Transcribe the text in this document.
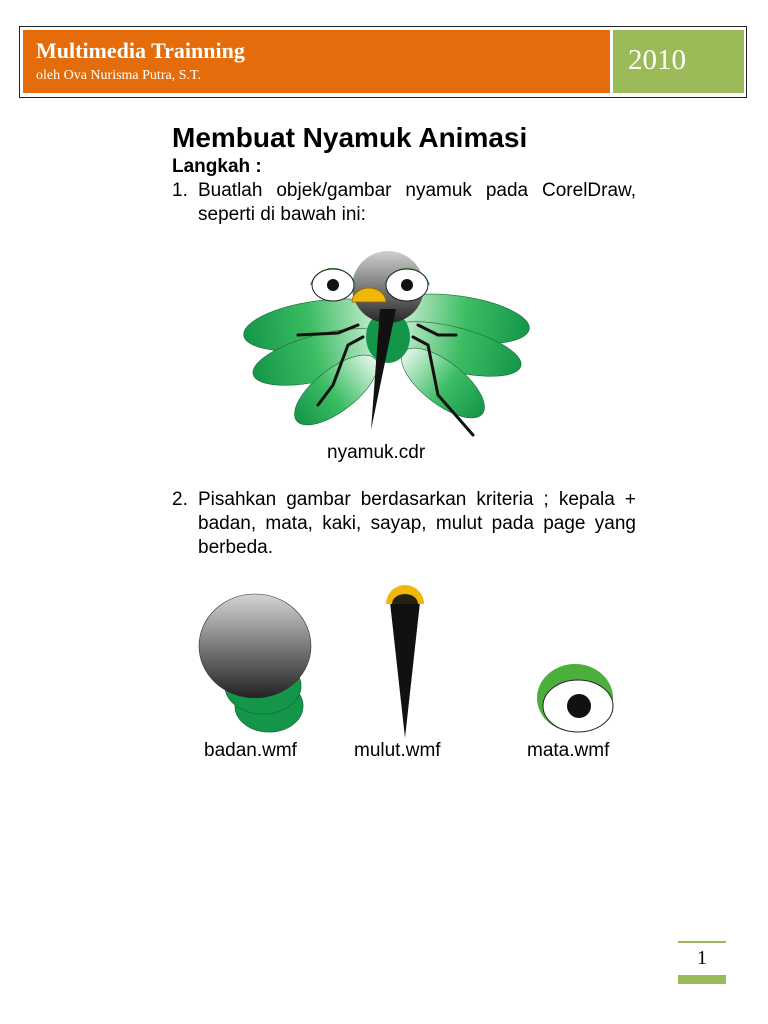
Multimedia Trainning
oleh Ova Nurisma Putra, S.T.	2010
Membuat Nyamuk Animasi
Langkah :
1. Buatlah objek/gambar nyamuk pada CorelDraw, seperti di bawah ini:
nyamuk.cdr
2. Pisahkan gambar berdasarkan kriteria ; kepala + badan, mata, kaki, sayap, mulut pada page yang berbeda.
badan.wmf	mulut.wmf	mata.wmf
1
